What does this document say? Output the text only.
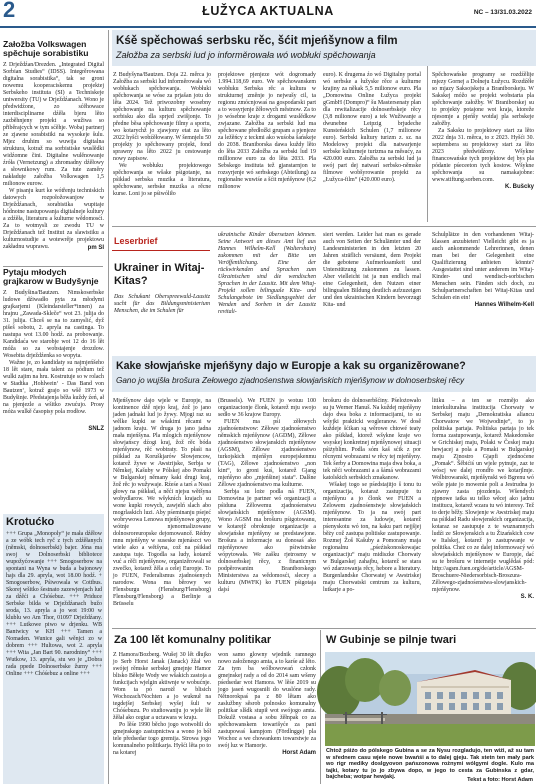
2	ŁUŽYCA AKTUALNA	NC – 13/31.03.2022
Załožba Volkswagen spěchuje sorabistiku

Z Drježdźan/Drezden. „Integrated Digital Sorbian Studies“ (IDSS). Integrěrowana digitalna sorabistika“, tak se groni nowemu kooperaciskemu projektej Serbskeho instituta (SI) a Techniskeje uniwersity (TU) w Drježdźanach. Wono je předwidźone, zo sćěhowace interdisciplinarne dźěła bjeru lěto zazběhnjeny projekt a wužiwa so přiběrajcych w tym sćěhje. Wobaj partnerj ze zjawne sorabistiki na wysokeje šulu. Mjez druhim so wuwija digitalna struktura, kotraž ma sorbistiske wuslědki widźomne čini. Digitalne wulěnowanje źróła (Vernetzung) a zhromadny dźěłowy a słownikowy rum. Za tute zaměry nakładuje załožba Volkswagen 1,5 milionow eurow.

W pisanju kurt ke wótřenju techniskich datowych rozpołožowanjow w Drježdźanach, sorabistika wupitaje hódnotne nastupowanja digitalneje kultury a zdźěła, literaturu a kulturne wědomosći. Za to wotmysli ze zwodu TU w Drježdźanach tež Institut za slawistiku a kulturnostudije a wotewrěje projektowu zakładnu wuprawu.	pm SI
Pytaju młodych grajkarow w Budyšynje

Z Budyšina/Bautzen. Nimskoserbske ludowe dźiwadło pyta za młodymi grajkarjemi (Kleindarsteller*innen) za hrajnu „Zawada-Skleče“ wot 23. julija do 31. julija. Chceš se na to zamyslić, dyž pišeš sobotu, 2. apryla na castinga. To nastupa wot 13.00 hodź. za probowanje. Kandidaća we starobje wot 12 do 16 lět móža so za wobstajenje drozdow. Wosebita drježdźenka so wopyta.

Wažne je, zo kandidaty su najmjeńšeho 18 lět stare, mała talent za pódium tež wulki zajim na hru. Kostrutuje so w rolach w Stadtka ‚Hohlwein‘ - Das Band von Bautzen‘, kotraž grajo so wšě 1973 w Budyšinje. Předstajenja běža kuždy źeń, ał na pjenjezle a wšitko zwućujo. Prosy móża wulkě časopisy pola rrodłow.

SNLZ
Krotućko

+++ Grupa „Monopoly“ je mała dźěłow a ze wóbk tech ryč z tych zdźěłanych (němski, dolnoserbski) bajer. Jóna ma swoj w Dolnoserbski bibliotece wupožyćowanje +++ Smogoserbow na spontani na Wyna w buda a bajonowy hajs dla 29. apryla, wot 18.00 hodź. + Smogoserbow, Pśiwowala w Cottbus. Skorej wšitko šestnato zazewjenjach lud za dźěći a Chóśebuz. +++ Priduce Serbske bilda w Drježdźanach bužo sroda, 13. apryla a jo wot 19:00 w klublu wo Am Thor, 01097 Drježdźany. +++ Lutkowe piwo w drjenku. WB Bantwicy w KH +++ Tamen a Nomaden. Wunice gali wěnjci zo w dobrem +++ Hultowa, wot 2. apryla +++ Wita „Jan Bart 90. narodniny“ +++ Wutkow, 13. apryla, stu wo je „Dobra rada ppede Dolnoserbske žurny +++ Online +++ Chóśebuz a online +++

Kśě spěchowaś serbsku rěc, šćit mjeńšynow a film
Załožba za serbski lud jo informěrowała wó wobłuki spěchowanja

Z Budyšyna/Bautzen. Doja 22. měrca jo Załožba za serbski lud informěrowała wó wobłukach spěchowanja. Wobłuki spěchowanja se wóse za prjašan jotu do lěta 2024. Tež priwozobny wosebny spěchowanje na kulturu spěchowanje sorbisku ako dla sprjed zwišjonje. To předne běsa spěchowanje filmy a sportu, wo kotarychž jo zjawjony etat za lěto 2022 hyšći wobźěłowany. W šemnjelu 50 projekty jo spěchowany projekt, fond sprawny na lěto 2022 ju cestowanje nowy zapisow.

We wobłuku projektowego spěchowanja se wšake pśigotanje, na pśikład serbska muzika a literatura, spěchowane, serbske muzika a rěcne kurse. Loni jo se pśiwóliło

projektowe pjenjeze wót dogromady 1.994.118,69 euro. We spěchowanskem wobłuku Serbska rěc a kultura w strukturnej změnje jo nejwušy cil, ta regionu zmócnjowaś na gospodarski part a to wosyrjenje žěłowych městnow. Za to jo wósebne kraje z drogami wuslědkow zwjazane. Załožba za serbski lud ma spěchowane předłožki grupam a pjenjeze za ležěńcy z teckmi ako wuśoba šańskeje do 2038. Braniborska dawa kuždy lěto do lěta 2033 Załožba za serbski lud 19 millionow euro za do lěta 2033. Pla Sebskego instituta tež gjanstarnjon te rozsyrjenje wó serbskego (Abteilung) za regionalne wuwiśe a šćit mjeńšynow (6,2 milionow

euro). K drugema źo wó Digitalny portal wó serbske a łužyske rěce a kulturne krajiny za někak 5,5 milionow euro. Pla „Domowina Online Łužyca projekt gGmbH (Dompro)“ šu Mastersenaty plan dla rewitalizacije dolnoserbskeje rěcy (3,8 milionow euro) a tek Wužiwanje a dwunebne Leipzig brjudeche Kunsteńskich Schulen (1,7 milionow euro). Serbski kultury turizm z. sz. na Modelowy projekt dla natwarjenje serbske kulturneje turizma na měsućy, za 420.000 euro. Załožba za serbski lud ja swój part dej natwarí serbsko-němske filmowe wobšyrowanie projekt za „Łužyca-film“ (420.000 euro).

Spěchowańske programy se rozdźělije mjezy Gornej a Dolneju Łužycu. Rozdźěłe so mjazy Saksojskeju a Braniborskeju. W Sakskej móžo se projekt wobstarta pla spěchowanje załožby. W Braniborskej su to projekty potajone wot kraja, ktoreže njesomje a pjeńšy wotdaj pla serbskeje załožby.

Za Saksku to projektowy start za lěto 2022 dnja 31. měrca, to z 2023. Hyšći 30. septembera su projektowy start za lěto 2023 předwidźony. Wšykne financowańske tych projektow dej bys pla pódanie pśeceeton tych kostow. Wšykne spěchowanja su namakajobne: www.stiftung.sorben.com.

K. Bušcky
Leserbrief
Ukrainer in Witaj-Kitas?

Das Schukant Oberspreewald-Lausitz sucht für das Bildungsministerium Menschen, die im Schulen für

ukrainische Kinder übersetzen können. Seine Antwort an dieses Amt lief aus Hannes Wilhelm-Kell (Waltershain) zukommen mit der Bitte um Veröffentlichung. Eine der rückwirkenden und Sprachen zum Ukrainischen sind die wendischen Sprachen in der Lausitz. Mit dem Witaj-Projekt sollen bilinguale Kita- und Schulangebote im Siedlungsgebiet der Wenden und Sorben in der Lausitz revitali-

siert werden. Leider hat man es gerade auch von Seiten der Schulämter und der Landesministerien in den letzten 20 Jahren sträflich versäumt, dem Projekt die gebotene Aufmerksamkeit und Unterstützung zukommen zu lassen. Aber vielleicht ist ja nun endlich mal eine Gelegenheit, den Nutzen einer bilingualen Bildung deutlich aufzuzeigen und den ukrainischen Kindern bevorzugt Kita- und

Schulplätze in den vorhandenen Witaj-klassen anzubieten! Vielleicht gibt es ja auch ankommende Lehrerinnen, denen man bei der Gelegenheit eine Qualifizierung anbieten könnte? Ausgestattet sind unter anderem im Witaj-Kinder- und wendisch-sorbischen Menschen sein. Fänden sich doch, zu Schulpartnerschaften bei Witaj-Kitas und Schulen ein ein!

Hannes Wilhelm-Kell
Kake słowjańske mjeńšyny dajo w Europje a kak su organizěrowane?
Gano jo wujšła brošura Zełowego zjadnośenstwa słowjańskich mjeńšynow w dolnoserbskej rěcy

Mjeńšynow dajo wjele w Europje, na kontinence dźě njejo kraj, źož jo jano jaden jadnaki lud jo žywy. Mjogi raz su wělke kupki se wšakimi rěcami w jadnom kraju. W druga jo jano jadna mała mjeńšyna. Pla mlogich mjeńšynow słowjańscy dźogi kraj, žož rěc bóda mjeńšynow, rěć wobtraty. To płaśi na pśikład za Koruškjarów Słowjencow, kotarež žywe w Awstrijske, Serbja w Němkej, Kašuby w Pólskej abo Pomaki w Bulgarskej němany kaki drugi kraj, žož rěc jo wužywaje. Rźeśe a tarś a Nsssi głowy na pśikład, a něći njejsu wětšyna wobydlarow. We wšykních krajach su wone kupki rowych, zawjelń slach abo mogrlaskich luzi. Aby pśeminanju pśejeć wobrywowa Lenowa mjeńšynowe grupy, wótnje njenormalizowane dolnosroreuropske dejomowancě. Rédny mnu mjeńšyny w suseske mjenáscci wo wiele ako a wětšyna, což na pśikład zastupa tuje. Togodla sa ludy, kotarež vuć a rěči mjeńšynow, organizěrowali se zwečko, kotarež žěla a celej Europje. To jo FUEN, Federalismus zjadnośenych narodow. Wona ma běrowy we Flensburgu (Flensburg/Flensborg) Flensburg/Flensborg) a Berlinje a Brüsselu

(Brussels). We FUEN jo wotuu 100 organizacionje člonk, kotarež mju swojo sedło w 36 krajow Europy.

FUEN ma pśi zěłowych zjadnośenstwow: Zěłowe zjadnośenstwo němskich mjeńšynow (AGDM), Zělowe zjadnośenstwo słowjanskich mjeńšynow (AGSM), Zělowe zjadnośenstwo turkojskich mjeńšyn europejskenmu (TAG), Zělowe zjadnośenstwo „non kint“, to groni kuś, kotarež Gjang mjeńšyno abo „mjeńšinej stata“. Dalšne Zělowe zjadnośenstwo ma kulturne.

Serbja su loże podla ná FUEN, Domowina je partner wó organizacji a pśiduna Zělowemu zjadnośenstwu słowjańskich mjeńšynow (AGSM). Wono AGSM ma brošuru pśigotowanu, w kotarejž obroknuje organizacije a słowjańske mjeńšyny se predstawjone. Brošura a informacje su donosaś ako mjeńšynowe ako pśiwistrske wópytowała. We zašku rjetrosmy w dolnoserbskej rěcy, z finanicnym podpěrowanim Braniborskego Ministerstwa za wědomosći, slecey a kulturu (MWFK) ko FUEN pśigotaja dajsí

brošuru do dolnoserbšćiny. Pśelożowało su ju Werner Hanuš. Na kuždej mjeńšyny dajo dwa boka z informacijami, to su wšyjki prakticki wogleranow. W dosě kuždeje šćikan są wěrowe chtowé teaty ako pśikład, ktorež wšykne kraje wo wsyskej konkretnej mjeńšynowej situacji pśiżyblim. Podla sóm kaš sćik z por rěcnymi wobrazami w rěcy tej mjeńšyny. Tek šerby a Domowina maja dwa boka, a tek něći wobrazami a a šámá wobrazami katolskich serbskich zmakanow.

Wšakej togo se pśedstajitjo š tonu tu organizacija, kotaraż zastupuje tu mjeńšynu a jo člonk we FUEN a Zelowem zjadnośenstwje słowjańskich mjeńšynow. To ja na swój part interesantne za ludowje, kotarež pśenyskotu wó ton, na kaku part nejjšjej běży což zastupa politiske zastupowanje. Rozmej Žoš Kašuby a Pomorany maja regionalnu „pśeźiskonoskowajac organizaciju“ maju midiszke Chorwaty w Bulgarskej zahajbu, kotarež se stara wó zdarzowanja rěcy, hebore a literatury. Burgenlandske Chorwatej w Awstriskej maju Chorwatski centrum za kulturu, lutkarje a po-

litiku – a ten se rozmějo ako interkulturalna institucija Chorwaty w Serbskej maju „Demokratiska aliancu Chorwatow we Wojwodinje“, to jo politiska partaja. Politiska partaja jo tek forma zastupowanja, kotarež Makedonske w Grichiskej maju, Polaki w Českej maju hewjacej a pola a Pomaki w Bulgarskej maju Zjnostro Gjapfi zjednoćene „Pomak“. Šěbićiś un wjele pytnuje, zaz te wóscj we dalej rrondřo we kotarjlmje. Wolbirowanski, mjeńšynski wó Bgrenu wó wóle pjate jo mowenie poli a Jestrudna jo zjawny zasta pjozdenja. Wšendych njpnowe iatka su telko wěcej ako jadnu institucu, kotarež wzara tu wó interesy. Tež to derje běžy. Slowjenje w Awstriskej maju na pśikład Radu słowjenskich organizacija, kotaraz se zastupuje z te wuznamnych ludźi ze Słowjenskich a tu Žizańskich cow w Italskej, kotarež jo zastupwanje w politika. Cheż co ze dalej informowacý wó słowjańskich mjeńšynow w Europje, dać su te brošuru w internetje wuglědaś pód: http://agsm.fuen.org/de/article/AGSM-Broschuere-Niedersorbisch-Broszura-Zělowego-zjadnośenstwa-slowjanskich-mjeńšynow.

S. K.
Za 100 lět komunalny politikar

Z Hamora/Bozberg. Wušej 30 lět dłujko jo Serb Horst Janak (Janack) žžał wo swójej rěmske serbskej gmejnje Hamor blisko Běłeje Wody we wšakich zastoja a funkcijach wjelgin aktiwnje w wobućnje. Wom ta pó narożł w blisich Wochozach/Nochten a jo wuknuł na tegdejšej Serbskej wyšej šuli w Chóśebuzu. Po studiowaniju jo wjele lět žěłał ako cegtar a uctawara w kraju.

Po lěśe 1990 běcho jogo wotwołili do gmejnskego zastupnictwa a wono jo bół tele předsedar togo gremija. Strowa jogo komunalneho politikarja. Hyšći lěta po to na kotarej

won samo glowny wjednik ramnego nowo załoženego amta, a to karśe až lěto. Za tym ba wólbowowań członk gmejnskej rady a od do 2014 sam wšeny pśedsedar wot Hamora. W lěśe 2019 su jogo jaseń wugosniłi do wuslóne rady. Nětnorokpaś pa z 80 lětam ako zaslužbny sěsrob polnosko komunalny politikar slšdk stupił wot swójogo amta. Dokulž vostasa a sobu žěłnpak co za spěchowanskem towarišyće za pani zastupowaś kampjom (Fördlngge) pla Wochoz a we chowankem towarstwje za swój luz w Hamorje.

Horst Adam
W Gubinje se pilnje twari
Chtož pśiźo do pólskego Gubina a se za Nysu rozgladujo, ten wiźi, až su tam w sřednem casu wjele nowe bwańśi a to dalej gjeju. Tak stetn ten mały park wo rigr mediky doslgyovon pańszonowa rożnymi wólgymi dogle. Kulo ma tajki, kotary tu jo jo zbywa dopo, w jego to cesta za Gubinska z gdar, bajcheba; wotpar hewjakj.	Tekst a foto: Horst Adam
